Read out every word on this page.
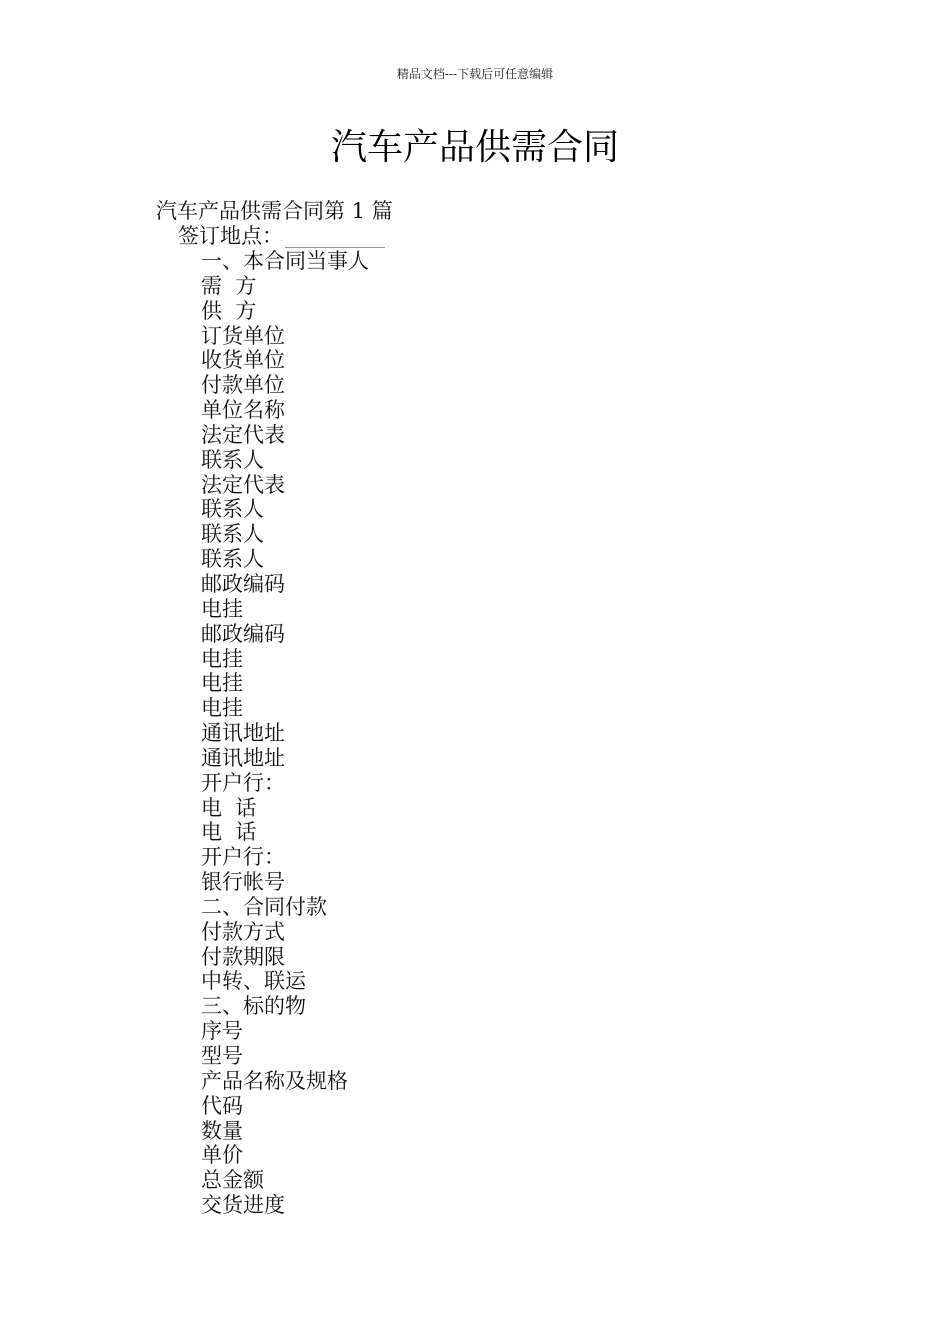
精品文档---下载后可任意编辑
汽车产品供需合同
汽车产品供需合同第 1 篇
签订地点：
一、本合同当事人
需  方
供  方
订货单位
收货单位
付款单位
单位名称
法定代表
联系人
法定代表
联系人
联系人
联系人
邮政编码
电挂
邮政编码
电挂
电挂
电挂
通讯地址
通讯地址
开户行：
电  话
电  话
开户行：
银行帐号
二、合同付款
付款方式
付款期限
中转、联运
三、标的物
序号
型号
产品名称及规格
代码
数量
单价
总金额
交货进度
